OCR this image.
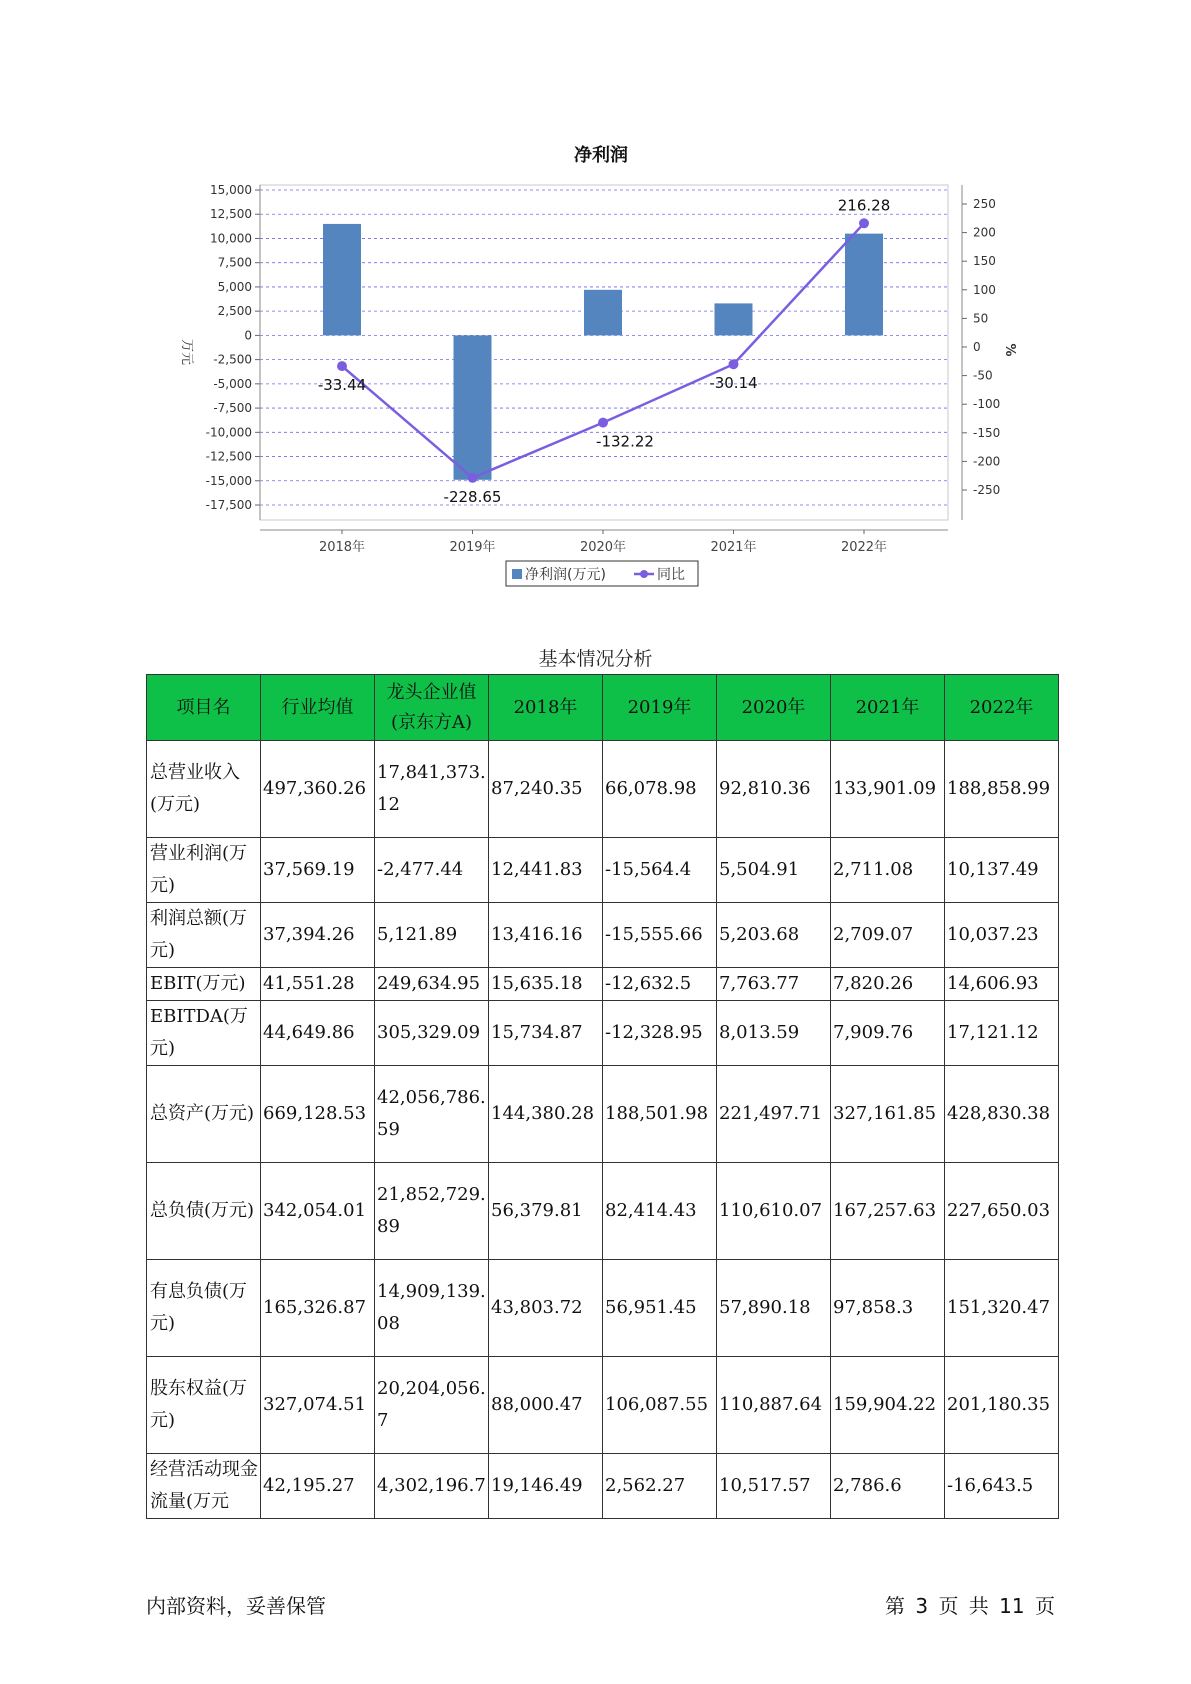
净利润
15,000
12,500
10,000
7,500
5,000
2,500
0
-2,500
-5,000
-7,500
-10,000
-12,500
-15,000
-17,500
250
200
150
100
50
0
-50
-100
-150
-200
-250
2018年	2019年	2020年	2021年	2022年
-33.44
-228.65
-132.22
-30.14
216.28
万元	%
净利润(万元)	同比
基本情况分析
项目名	行业均值	龙头企业值(京东方A)	2018年	2019年	2020年	2021年	2022年
总营业收入(万元)	497,360.26	17,841,373.12	87,240.35	66,078.98	92,810.36	133,901.09	188,858.99
营业利润(万元)	37,569.19	-2,477.44	12,441.83	-15,564.4	5,504.91	2,711.08	10,137.49
利润总额(万元)	37,394.26	5,121.89	13,416.16	-15,555.66	5,203.68	2,709.07	10,037.23
EBIT(万元)	41,551.28	249,634.95	15,635.18	-12,632.5	7,763.77	7,820.26	14,606.93
EBITDA(万元)	44,649.86	305,329.09	15,734.87	-12,328.95	8,013.59	7,909.76	17,121.12
总资产(万元)	669,128.53	42,056,786.59	144,380.28	188,501.98	221,497.71	327,161.85	428,830.38
总负债(万元)	342,054.01	21,852,729.89	56,379.81	82,414.43	110,610.07	167,257.63	227,650.03
有息负债(万元)	165,326.87	14,909,139.08	43,803.72	56,951.45	57,890.18	97,858.3	151,320.47
股东权益(万元)	327,074.51	20,204,056.7	88,000.47	106,087.55	110,887.64	159,904.22	201,180.35
经营活动现金流量(万元	42,195.27	4,302,196.7	19,146.49	2,562.27	10,517.57	2,786.6	-16,643.5
内部资料，妥善保管	第 3 页 共 11 页
